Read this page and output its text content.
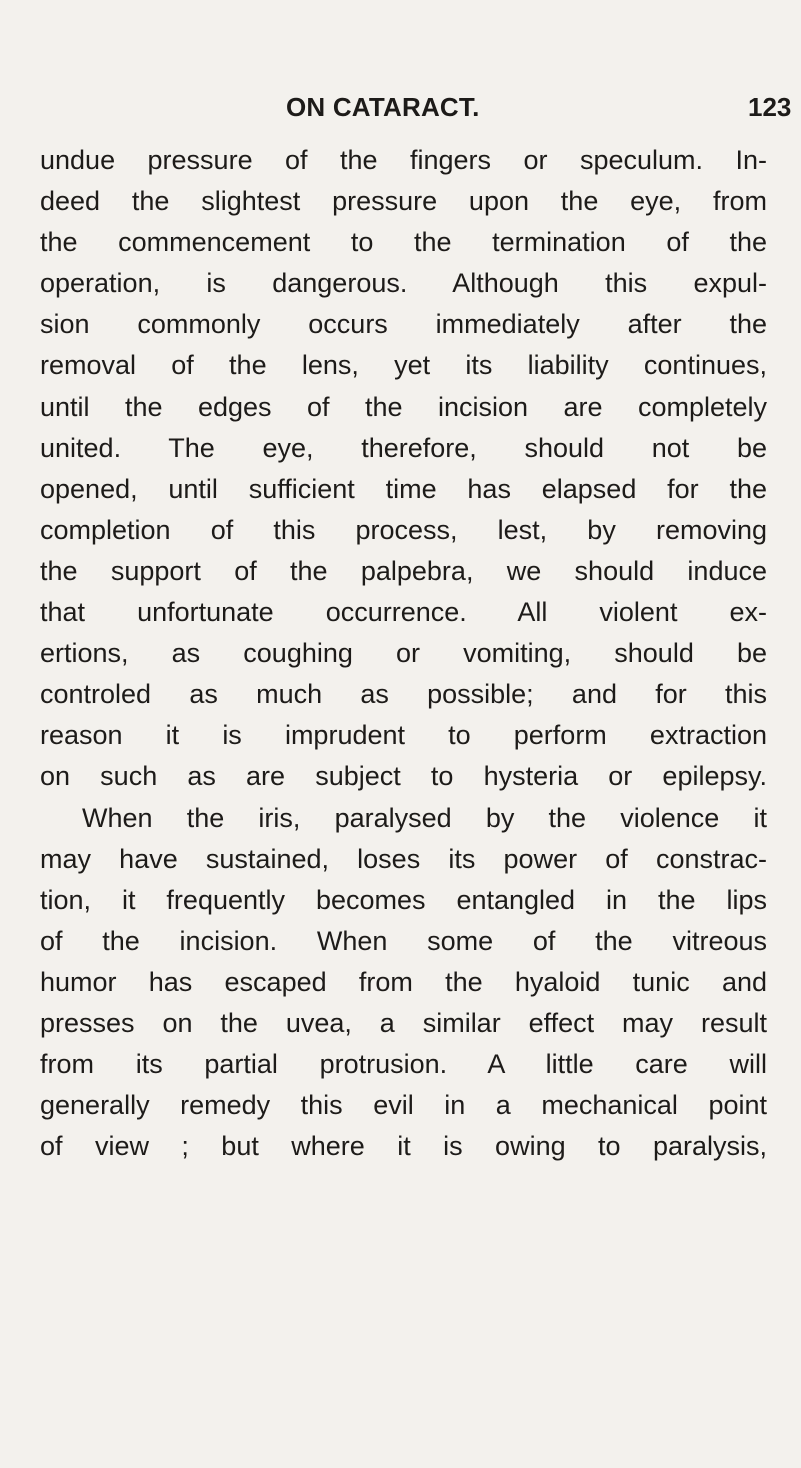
ON CATARACT.	123
undue pressure of the fingers or speculum. In-
deed the slightest pressure upon the eye, from
the commencement to the termination of the
operation, is dangerous. Although this expul-
sion commonly occurs immediately after the
removal of the lens, yet its liability continues,
until the edges of the incision are completely
united. The eye, therefore, should not be
opened, until sufficient time has elapsed for the
completion of this process, lest, by removing
the support of the palpebra, we should induce
that unfortunate occurrence. All violent ex-
ertions, as coughing or vomiting, should be
controled as much as possible; and for this
reason it is imprudent to perform extraction
on such as are subject to hysteria or epilepsy.
When the iris, paralysed by the violence it
may have sustained, loses its power of constrac-
tion, it frequently becomes entangled in the lips
of the incision. When some of the vitreous
humor has escaped from the hyaloid tunic and
presses on the uvea, a similar effect may result
from its partial protrusion. A little care will
generally remedy this evil in a mechanical point
of view ; but where it is owing to paralysis,
